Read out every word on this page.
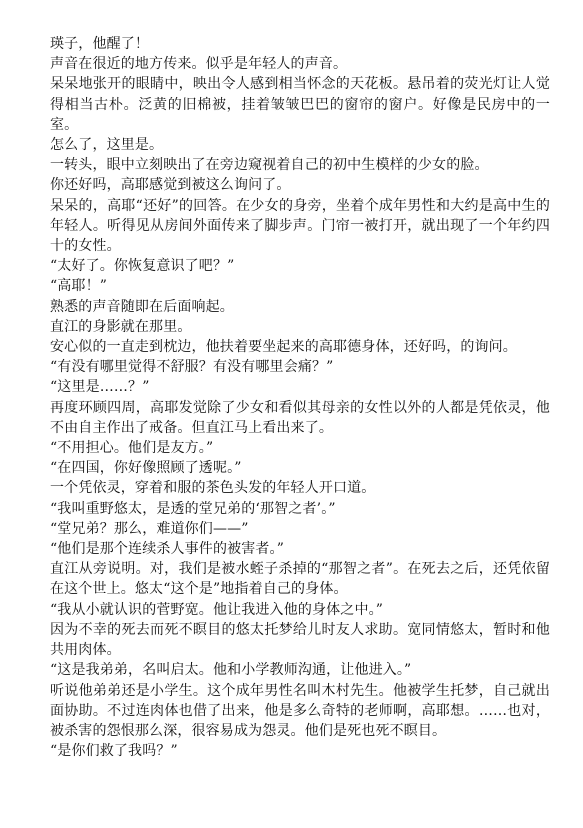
瑛子，他醒了！

声音在很近的地方传来。似乎是年轻人的声音。

呆呆地张开的眼睛中，映出令人感到相当怀念的天花板。悬吊着的荧光灯让人觉得相当古朴。泛黄的旧棉被，挂着皱皱巴巴的窗帘的窗户。好像是民房中的一室。

怎么了，这里是。

一转头，眼中立刻映出了在旁边窥视着自己的初中生模样的少女的脸。

你还好吗，高耶感觉到被这么询问了。

呆呆的，高耶“还好”的回答。在少女的身旁，坐着个成年男性和大约是高中生的年轻人。听得见从房间外面传来了脚步声。门帘一被打开，就出现了一个年约四十的女性。

“太好了。你恢复意识了吧？”

“高耶！”

熟悉的声音随即在后面响起。

直江的身影就在那里。

安心似的一直走到枕边，他扶着要坐起来的高耶德身体，还好吗，的询问。

“有没有哪里觉得不舒服？有没有哪里会痛？”

“这里是……？”

再度环顾四周，高耶发觉除了少女和看似其母亲的女性以外的人都是凭依灵，他不由自主作出了戒备。但直江马上看出来了。

“不用担心。他们是友方。”

“在四国，你好像照顾了透呢。”

一个凭依灵，穿着和服的茶色头发的年轻人开口道。

“我叫重野悠太，是透的堂兄弟的‘那智之者’。”

“堂兄弟？那么，难道你们——”

“他们是那个连续杀人事件的被害者。”

直江从旁说明。对，我们是被水蛭子杀掉的“那智之者”。在死去之后，还凭依留在这个世上。悠太“这个是”地指着自己的身体。

“我从小就认识的菅野宽。他让我进入他的身体之中。”

因为不幸的死去而死不瞑目的悠太托梦给儿时友人求助。宽同情悠太，暂时和他共用肉体。

“这是我弟弟，名叫启太。他和小学教师沟通，让他进入。”

听说他弟弟还是小学生。这个成年男性名叫木村先生。他被学生托梦，自己就出面协助。不过连肉体也借了出来，他是多么奇特的老师啊，高耶想。……也对，被杀害的怨恨那么深，很容易成为怨灵。他们是死也死不瞑目。

“是你们救了我吗？”
